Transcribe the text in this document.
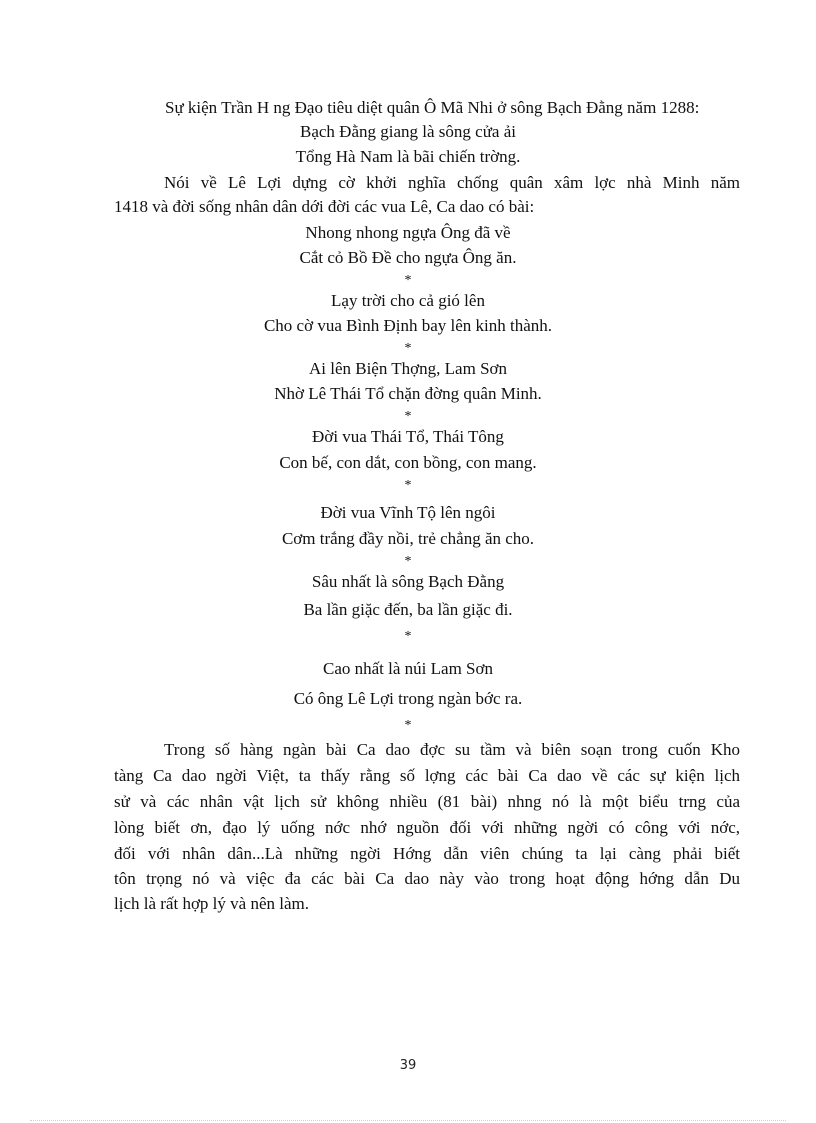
Sự kiện Trần H ng Đạo tiêu diệt quân Ô Mã Nhi ở sông Bạch Đằng năm 1288:
Bạch Đằng giang là sông cửa ải
Tổng Hà Nam là bãi chiến trờng.
Nói về Lê Lợi dựng cờ khởi nghĩa chống quân xâm lợc nhà Minh năm
1418 và đời sống nhân dân dới đời các vua Lê, Ca dao có bài:
Nhong nhong ngựa Ông đã về
Cắt cỏ Bồ Đề cho ngựa Ông ăn.
*
Lạy trời cho cả gió lên
Cho cờ vua Bình Định bay lên kinh thành.
*
Ai lên Biện Thợng, Lam Sơn
Nhờ Lê Thái Tổ chặn đờng quân Minh.
*
Đời vua Thái Tổ, Thái Tông
Con bế, con dắt, con bồng, con mang.
*
Đời vua Vĩnh Tộ lên ngôi
Cơm trắng đầy nồi, trẻ chẳng ăn cho.
*
Sâu nhất là sông Bạch Đằng
Ba lần giặc đến, ba lần giặc đi.
*
Cao nhất là núi Lam Sơn
Có ông Lê Lợi trong ngàn bớc ra.
*
Trong số hàng ngàn bài Ca dao đợc su tầm và biên soạn trong cuốn Kho
tàng Ca dao ngời Việt, ta thấy rằng số lợng các bài Ca dao về các sự kiện lịch
sử và các nhân vật lịch sử không nhiều (81 bài) nhng nó là một biểu trng của
lòng biết ơn, đạo lý uống nớc nhớ nguồn đối với những ngời có công với nớc,
đối với nhân dân...Là những ngời Hớng dẫn viên chúng ta lại càng phải biết
tôn trọng nó và việc đa các bài Ca dao này vào trong hoạt động hớng dẫn Du
lịch là rất hợp lý và nên làm.
39
